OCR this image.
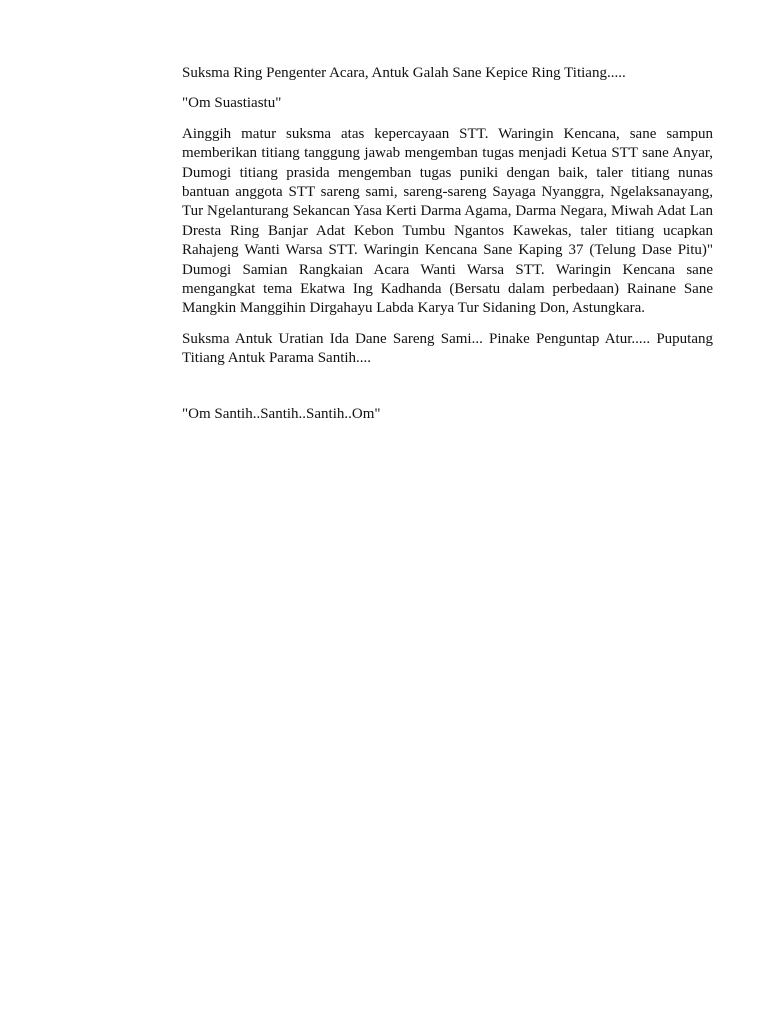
Suksma Ring Pengenter Acara, Antuk Galah Sane Kepice Ring Titiang.....

"Om Suastiastu"

Ainggih matur suksma atas kepercayaan STT. Waringin Kencana, sane sampun memberikan titiang tanggung jawab mengemban tugas menjadi Ketua STT sane Anyar, Dumogi titiang prasida mengemban tugas puniki dengan baik, taler titiang nunas bantuan anggota STT sareng sami, sareng-sareng Sayaga Nyanggra, Ngelaksanayang, Tur Ngelanturang Sekancan Yasa Kerti Darma Agama, Darma Negara, Miwah Adat Lan Dresta Ring Banjar Adat Kebon Tumbu Ngantos Kawekas, taler titiang ucapkan Rahajeng Wanti Warsa STT. Waringin Kencana Sane Kaping 37 (Telung Dase Pitu)" Dumogi Samian Rangkaian Acara Wanti Warsa STT. Waringin Kencana sane mengangkat tema Ekatwa Ing Kadhanda (Bersatu dalam perbedaan) Rainane Sane Mangkin Manggihin Dirgahayu Labda Karya Tur Sidaning Don, Astungkara.

Suksma Antuk Uratian Ida Dane Sareng Sami... Pinake Penguntap Atur..... Puputang Titiang Antuk Parama Santih....

"Om Santih..Santih..Santih..Om"
